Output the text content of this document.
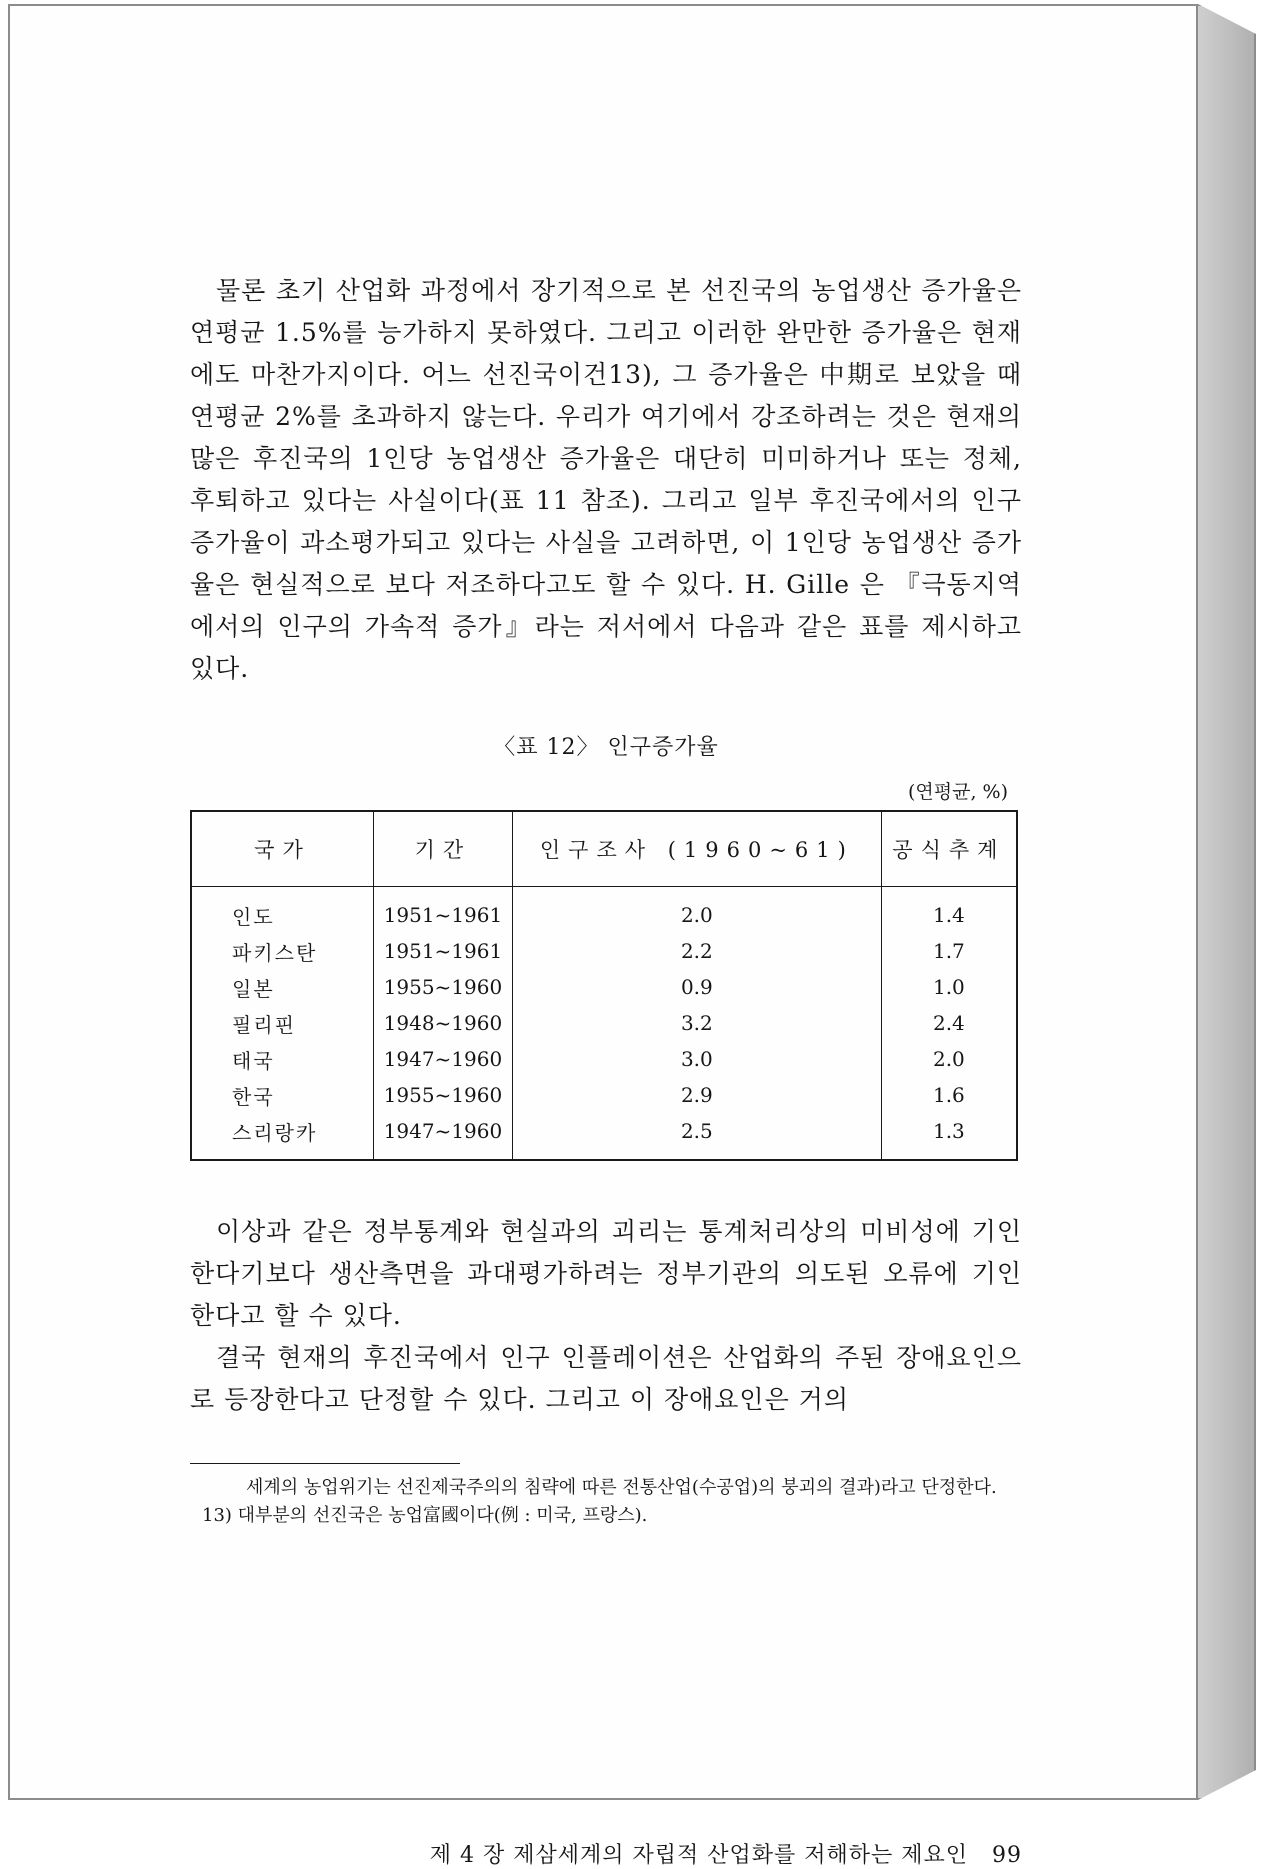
물론 초기 산업화 과정에서 장기적으로 본 선진국의 농업생산 증가율은 연평균 1.5%를 능가하지 못하였다. 그리고 이러한 완만한 증가율은 현재에도 마찬가지이다. 어느 선진국이건13), 그 증가율은 中期로 보았을 때 연평균 2%를 초과하지 않는다. 우리가 여기에서 강조하려는 것은 현재의 많은 후진국의 1인당 농업생산 증가율은 대단히 미미하거나 또는 정체, 후퇴하고 있다는 사실이다(표 11 참조). 그리고 일부 후진국에서의 인구증가율이 과소평가되고 있다는 사실을 고려하면, 이 1인당 농업생산 증가율은 현실적으로 보다 저조하다고도 할 수 있다. H. Gille 은 『극동지역에서의 인구의 가속적 증가』라는 저서에서 다음과 같은 표를 제시하고 있다.

〈표 12〉 인구증가율
(연평균, %)
국가	기간	인구조사 (1960~61)	공식추계
인도	1951~1961	2.0	1.4
파키스탄	1951~1961	2.2	1.7
일본	1955~1960	0.9	1.0
필리핀	1948~1960	3.2	2.4
태국	1947~1960	3.0	2.0
한국	1955~1960	2.9	1.6
스리랑카	1947~1960	2.5	1.3

이상과 같은 정부통계와 현실과의 괴리는 통계처리상의 미비성에 기인한다기보다 생산측면을 과대평가하려는 정부기관의 의도된 오류에 기인한다고 할 수 있다.

결국 현재의 후진국에서 인구 인플레이션은 산업화의 주된 장애요인으로 등장한다고 단정할 수 있다. 그리고 이 장애요인은 거의

세계의 농업위기는 선진제국주의의 침략에 따른 전통산업(수공업)의 붕괴의 결과)라고 단정한다.
13) 대부분의 선진국은 농업富國이다(例 : 미국, 프랑스).
제 4 장 제삼세계의 자립적 산업화를 저해하는 제요인 99
